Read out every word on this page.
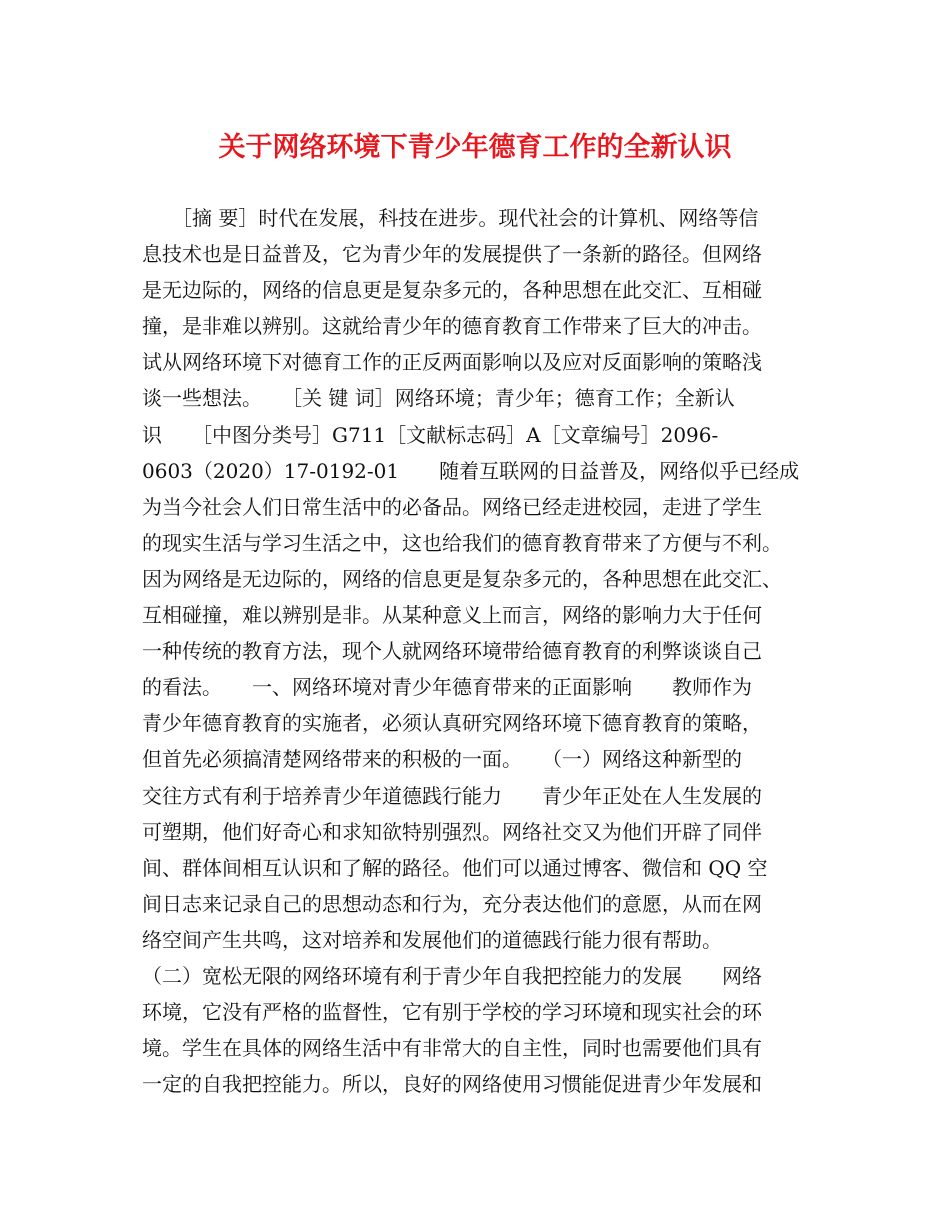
关于网络环境下青少年德育工作的全新认识
　　［摘 要］时代在发展，科技在进步。现代社会的计算机、网络等信
息技术也是日益普及，它为青少年的发展提供了一条新的路径。但网络
是无边际的，网络的信息更是复杂多元的，各种思想在此交汇、互相碰
撞，是非难以辨别。这就给青少年的德育教育工作带来了巨大的冲击。
试从网络环境下对德育工作的正反两面影响以及应对反面影响的策略浅
谈一些想法。　　［关 键 词］网络环境；青少年；德育工作；全新认
识　　［中图分类号］G711［文献标志码］A［文章编号］2096-
0603（2020）17-0192-01　　随着互联网的日益普及，网络似乎已经成
为当今社会人们日常生活中的必备品。网络已经走进校园，走进了学生
的现实生活与学习生活之中，这也给我们的德育教育带来了方便与不利。
因为网络是无边际的，网络的信息更是复杂多元的，各种思想在此交汇、
互相碰撞，难以辨别是非。从某种意义上而言，网络的影响力大于任何
一种传统的教育方法，现个人就网络环境带给德育教育的利弊谈谈自己
的看法。　　一、网络环境对青少年德育带来的正面影响　　教师作为
青少年德育教育的实施者，必须认真研究网络环境下德育教育的策略，
但首先必须搞清楚网络带来的积极的一面。　　（一）网络这种新型的
交往方式有利于培养青少年道德践行能力　　青少年正处在人生发展的
可塑期，他们好奇心和求知欲特别强烈。网络社交又为他们开辟了同伴
间、群体间相互认识和了解的路径。他们可以通过博客、微信和 QQ 空
间日志来记录自己的思想动态和行为，充分表达他们的意愿，从而在网
络空间产生共鸣，这对培养和发展他们的道德践行能力很有帮助。
（二）宽松无限的网络环境有利于青少年自我把控能力的发展　　网络
环境，它没有严格的监督性，它有别于学校的学习环境和现实社会的环
境。学生在具体的网络生活中有非常大的自主性，同时也需要他们具有
一定的自我把控能力。所以，良好的网络使用习惯能促进青少年发展和
